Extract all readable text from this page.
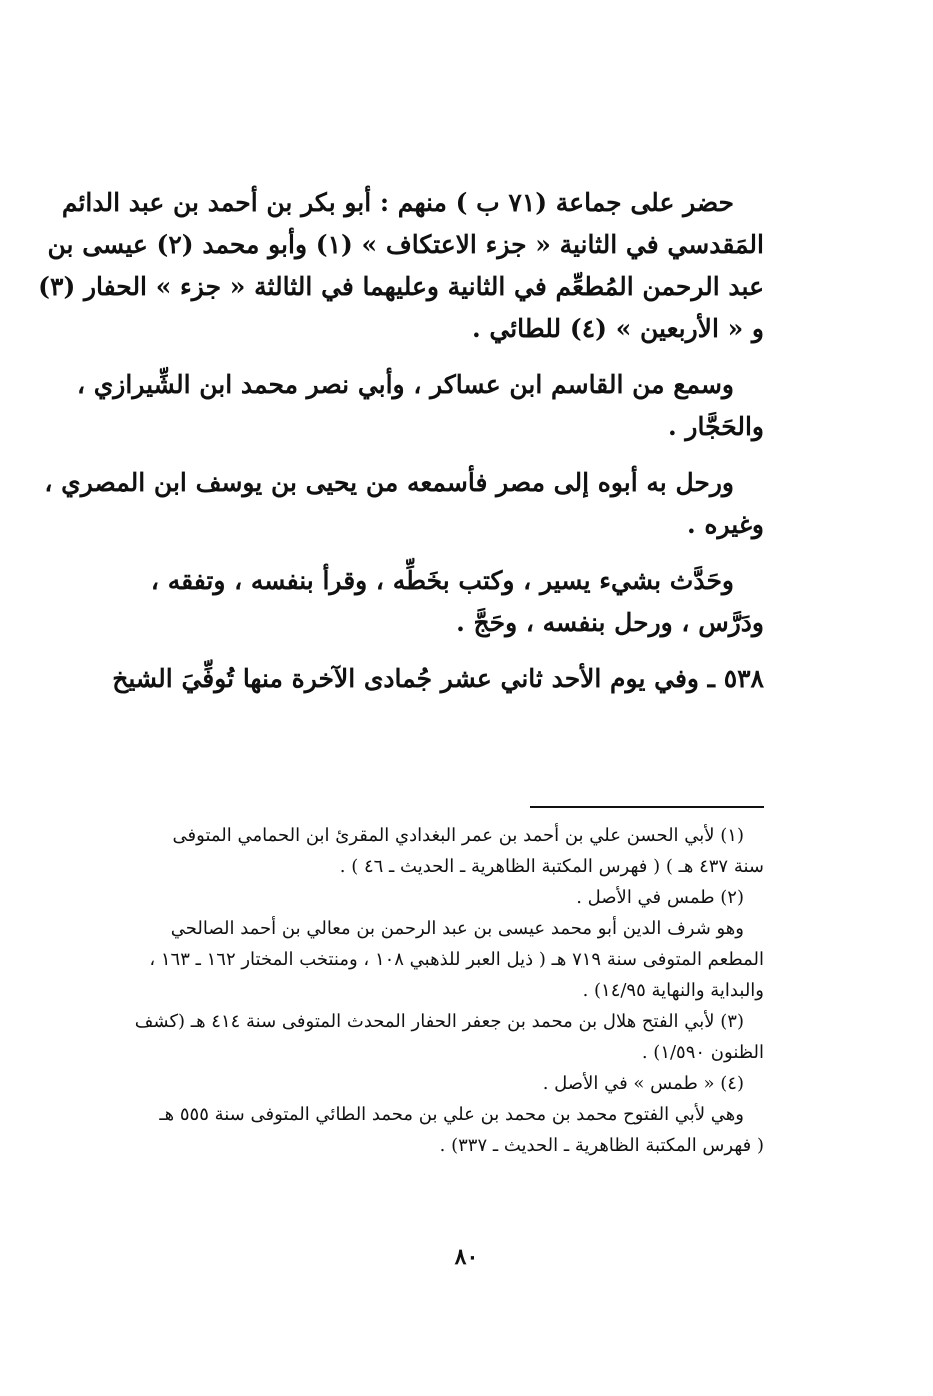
حضر على جماعة (٧١ ب ) منهم : أبو بكر بن أحمد بن عبد الدائم
المَقدسي في الثانية « جزء الاعتكاف » (١) وأبو محمد (٢) عيسى بن
عبد الرحمن المُطعِّم في الثانية وعليهما في الثالثة « جزء » الحفار (٣)
و « الأربعين » (٤) للطائي .
وسمع من القاسم ابن عساكر ، وأبي نصر محمد ابن الشِّيرازي ،
والحَجَّار .
ورحل به أبوه إلى مصر فأسمعه من يحيى بن يوسف ابن المصري ،
وغيره .
وحَدَّث بشيء يسير ، وكتب بخَطِّه ، وقرأ بنفسه ، وتفقه ،
ودَرَّس ، ورحل بنفسه ، وحَجَّ .
٥٣٨ ـ وفي يوم الأحد ثاني عشر جُمادى الآخرة منها تُوفِّيَ الشيخ
(١) لأبي الحسن علي بن أحمد بن عمر البغدادي المقرئ ابن الحمامي المتوفى
سنة ٤٣٧ هـ ) ( فهرس المكتبة الظاهرية ـ الحديث ـ ٤٦ ) .
(٢) طمس في الأصل .
وهو شرف الدين أبو محمد عيسى بن عبد الرحمن بن معالي بن أحمد الصالحي
المطعم المتوفى سنة ٧١٩ هـ ( ذيل العبر للذهبي ١٠٨ ، ومنتخب المختار ١٦٢ ـ ١٦٣ ،
والبداية والنهاية ١٤/٩٥) .
(٣) لأبي الفتح هلال بن محمد بن جعفر الحفار المحدث المتوفى سنة ٤١٤ هـ (كشف
الظنون ١/٥٩٠) .
(٤) « طمس » في الأصل .
وهي لأبي الفتوح محمد بن محمد بن علي بن محمد الطائي المتوفى سنة ٥٥٥ هـ
( فهرس المكتبة الظاهرية ـ الحديث ـ ٣٣٧) .
٨٠
